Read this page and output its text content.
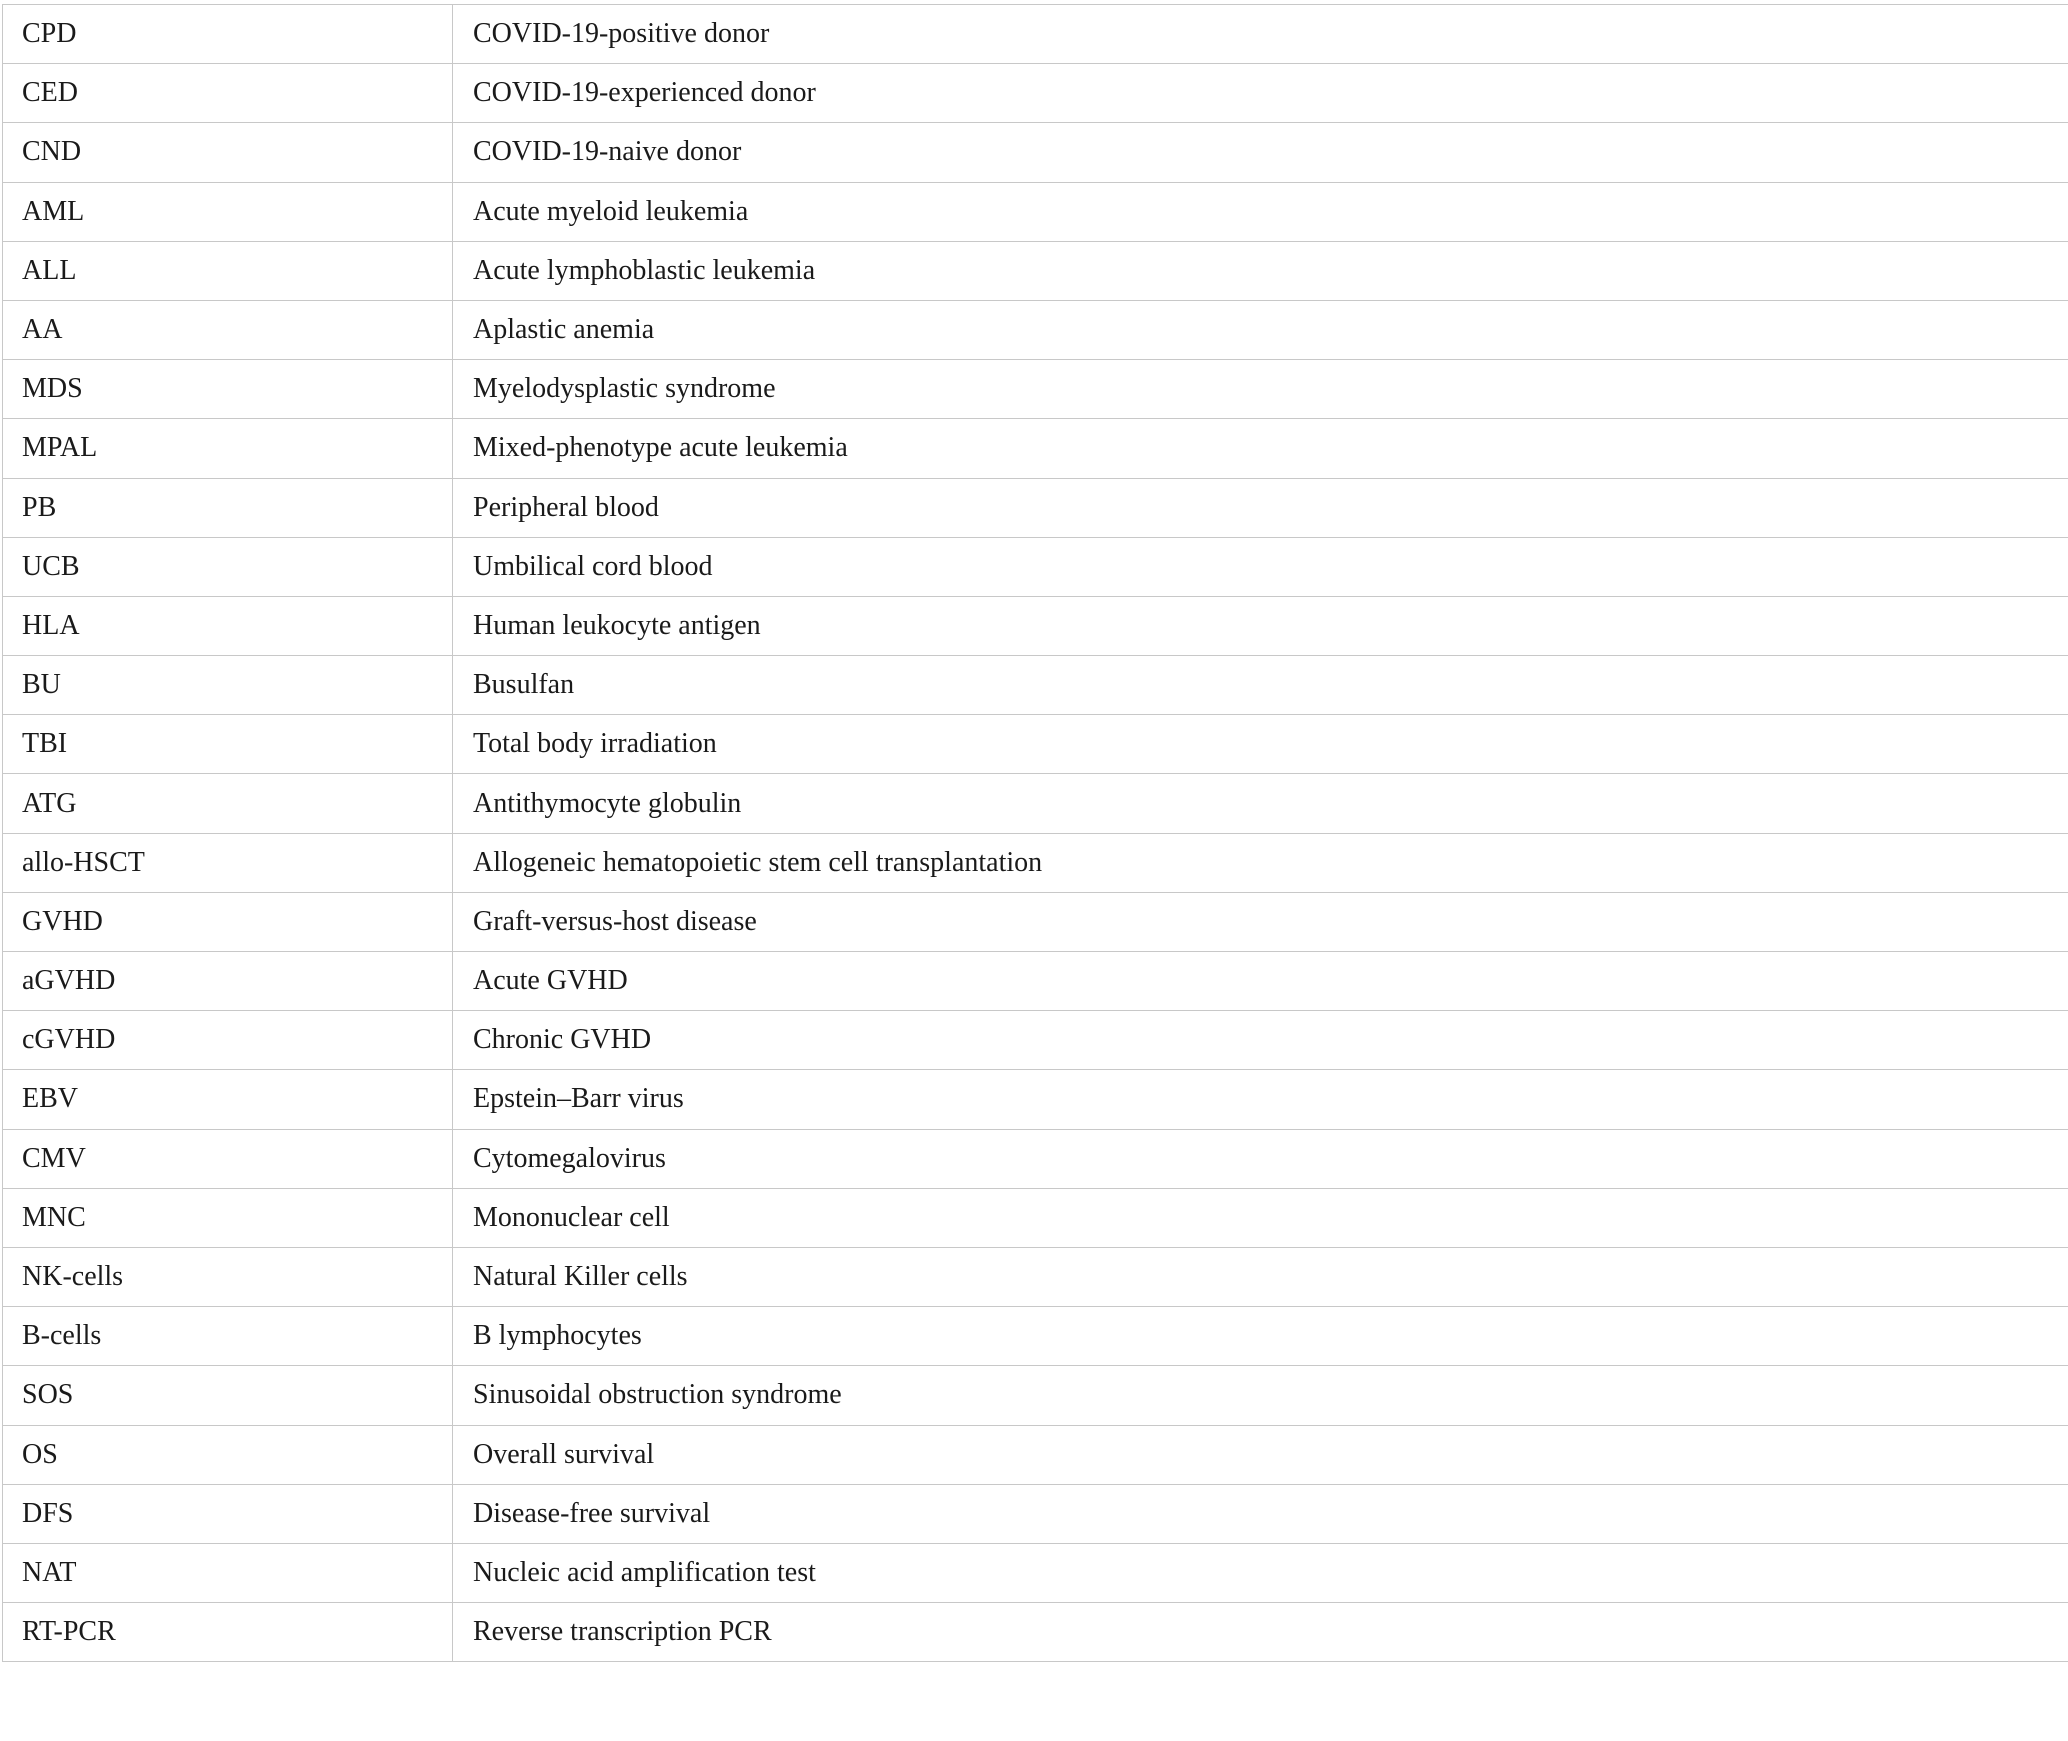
CPD	COVID-19-positive donor
CED	COVID-19-experienced donor
CND	COVID-19-naive donor
AML	Acute myeloid leukemia
ALL	Acute lymphoblastic leukemia
AA	Aplastic anemia
MDS	Myelodysplastic syndrome
MPAL	Mixed-phenotype acute leukemia
PB	Peripheral blood
UCB	Umbilical cord blood
HLA	Human leukocyte antigen
BU	Busulfan
TBI	Total body irradiation
ATG	Antithymocyte globulin
allo-HSCT	Allogeneic hematopoietic stem cell transplantation
GVHD	Graft-versus-host disease
aGVHD	Acute GVHD
cGVHD	Chronic GVHD
EBV	Epstein–Barr virus
CMV	Cytomegalovirus
MNC	Mononuclear cell
NK-cells	Natural Killer cells
B-cells	B lymphocytes
SOS	Sinusoidal obstruction syndrome
OS	Overall survival
DFS	Disease-free survival
NAT	Nucleic acid amplification test
RT-PCR	Reverse transcription PCR
